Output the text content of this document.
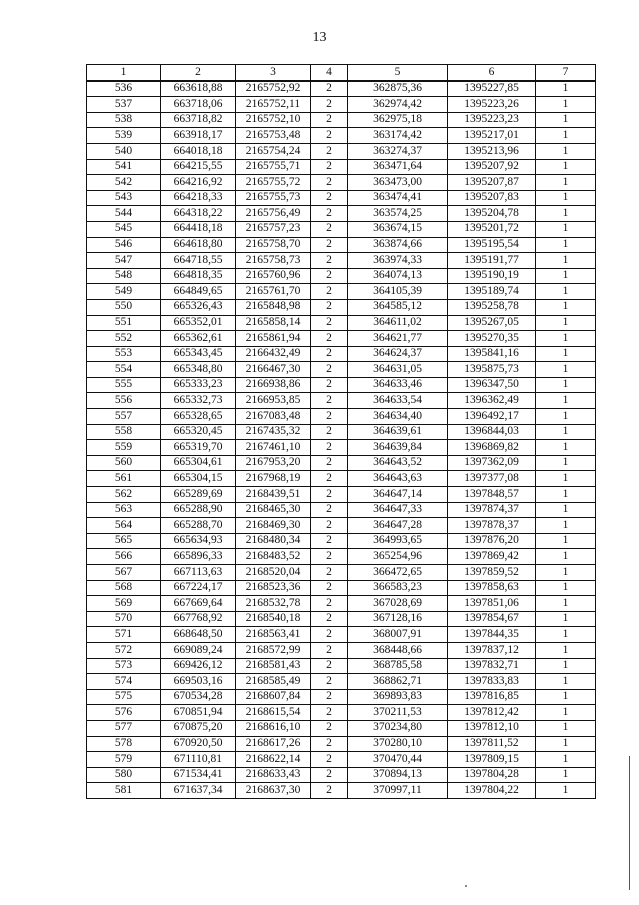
13
1	2	3	4	5	6	7
536	663618,88	2165752,92	2	362875,36	1395227,85	1
537	663718,06	2165752,11	2	362974,42	1395223,26	1
538	663718,82	2165752,10	2	362975,18	1395223,23	1
539	663918,17	2165753,48	2	363174,42	1395217,01	1
540	664018,18	2165754,24	2	363274,37	1395213,96	1
541	664215,55	2165755,71	2	363471,64	1395207,92	1
542	664216,92	2165755,72	2	363473,00	1395207,87	1
543	664218,33	2165755,73	2	363474,41	1395207,83	1
544	664318,22	2165756,49	2	363574,25	1395204,78	1
545	664418,18	2165757,23	2	363674,15	1395201,72	1
546	664618,80	2165758,70	2	363874,66	1395195,54	1
547	664718,55	2165758,73	2	363974,33	1395191,77	1
548	664818,35	2165760,96	2	364074,13	1395190,19	1
549	664849,65	2165761,70	2	364105,39	1395189,74	1
550	665326,43	2165848,98	2	364585,12	1395258,78	1
551	665352,01	2165858,14	2	364611,02	1395267,05	1
552	665362,61	2165861,94	2	364621,77	1395270,35	1
553	665343,45	2166432,49	2	364624,37	1395841,16	1
554	665348,80	2166467,30	2	364631,05	1395875,73	1
555	665333,23	2166938,86	2	364633,46	1396347,50	1
556	665332,73	2166953,85	2	364633,54	1396362,49	1
557	665328,65	2167083,48	2	364634,40	1396492,17	1
558	665320,45	2167435,32	2	364639,61	1396844,03	1
559	665319,70	2167461,10	2	364639,84	1396869,82	1
560	665304,61	2167953,20	2	364643,52	1397362,09	1
561	665304,15	2167968,19	2	364643,63	1397377,08	1
562	665289,69	2168439,51	2	364647,14	1397848,57	1
563	665288,90	2168465,30	2	364647,33	1397874,37	1
564	665288,70	2168469,30	2	364647,28	1397878,37	1
565	665634,93	2168480,34	2	364993,65	1397876,20	1
566	665896,33	2168483,52	2	365254,96	1397869,42	1
567	667113,63	2168520,04	2	366472,65	1397859,52	1
568	667224,17	2168523,36	2	366583,23	1397858,63	1
569	667669,64	2168532,78	2	367028,69	1397851,06	1
570	667768,92	2168540,18	2	367128,16	1397854,67	1
571	668648,50	2168563,41	2	368007,91	1397844,35	1
572	669089,24	2168572,99	2	368448,66	1397837,12	1
573	669426,12	2168581,43	2	368785,58	1397832,71	1
574	669503,16	2168585,49	2	368862,71	1397833,83	1
575	670534,28	2168607,84	2	369893,83	1397816,85	1
576	670851,94	2168615,54	2	370211,53	1397812,42	1
577	670875,20	2168616,10	2	370234,80	1397812,10	1
578	670920,50	2168617,26	2	370280,10	1397811,52	1
579	671110,81	2168622,14	2	370470,44	1397809,15	1
580	671534,41	2168633,43	2	370894,13	1397804,28	1
581	671637,34	2168637,30	2	370997,11	1397804,22	1
